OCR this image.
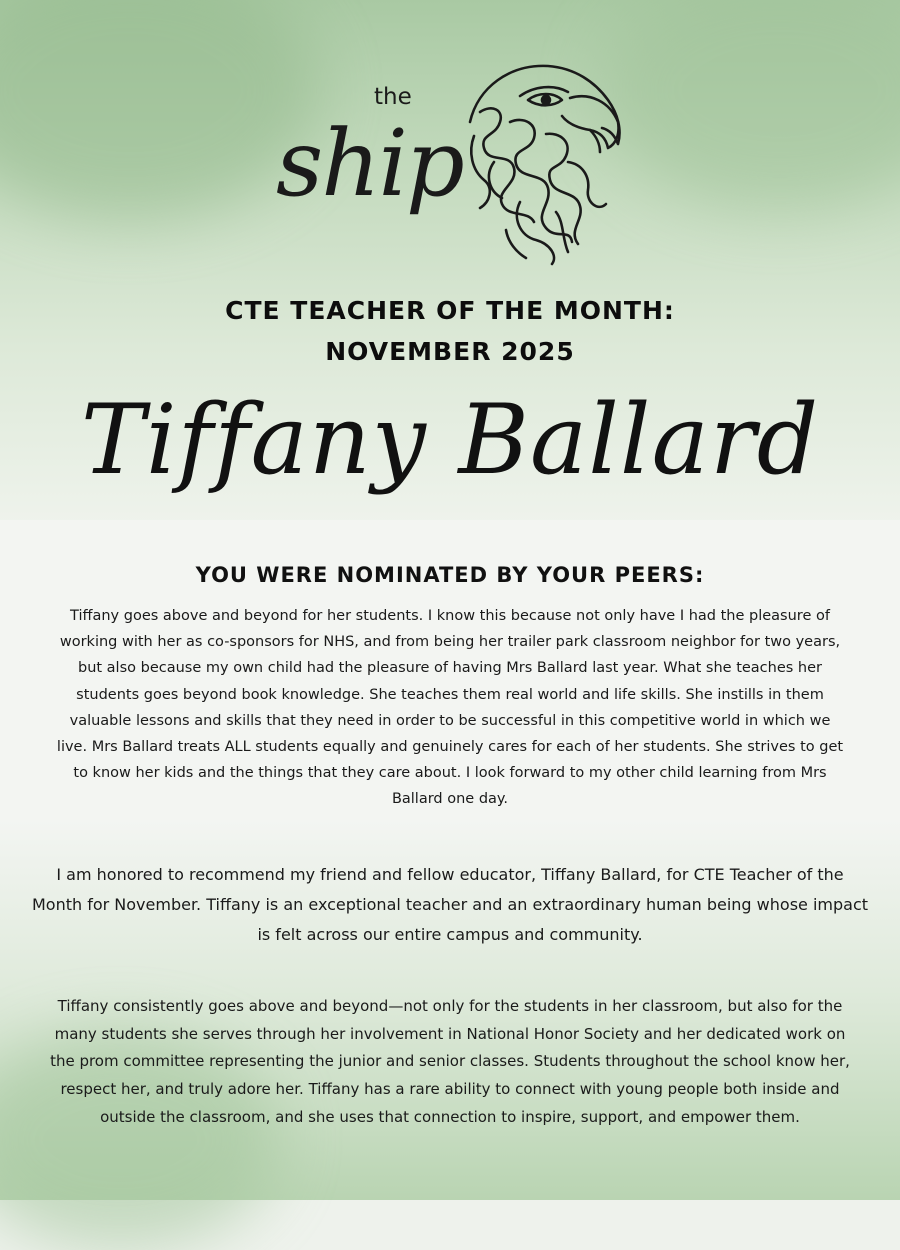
the
ship
CTE TEACHER OF THE MONTH:
NOVEMBER 2025
Tiffany Ballard
YOU WERE NOMINATED BY YOUR PEERS:

Tiffany goes above and beyond for her students. I know this because not only have I had the pleasure of working with her as co-sponsors for NHS, and from being her trailer park classroom neighbor for two years, but also because my own child had the pleasure of having Mrs Ballard last year. What she teaches her students goes beyond book knowledge. She teaches them real world and life skills. She instills in them valuable lessons and skills that they need in order to be successful in this competitive world in which we live. Mrs Ballard treats ALL students equally and genuinely cares for each of her students. She strives to get to know her kids and the things that they care about. I look forward to my other child learning from Mrs Ballard one day.

I am honored to recommend my friend and fellow educator, Tiffany Ballard, for CTE Teacher of the Month for November. Tiffany is an exceptional teacher and an extraordinary human being whose impact is felt across our entire campus and community.

Tiffany consistently goes above and beyond—not only for the students in her classroom, but also for the many students she serves through her involvement in National Honor Society and her dedicated work on the prom committee representing the junior and senior classes. Students throughout the school know her, respect her, and truly adore her. Tiffany has a rare ability to connect with young people both inside and outside the classroom, and she uses that connection to inspire, support, and empower them.
